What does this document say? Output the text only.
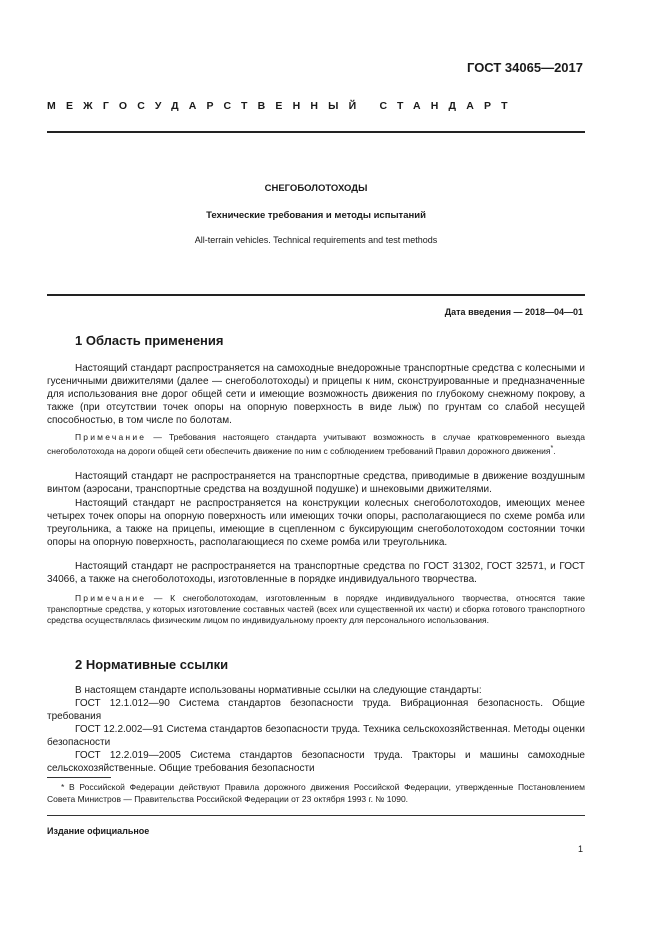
ГОСТ 34065—2017
МЕЖГОСУДАРСТВЕННЫЙ СТАНДАРТ
СНЕГОБОЛОТОХОДЫ
Технические требования и методы испытаний
All-terrain vehicles. Technical requirements and test methods
Дата введения — 2018—04—01
1 Область применения

Настоящий стандарт распространяется на самоходные внедорожные транспортные средства с колесными и гусеничными движителями (далее — снегоболотоходы) и прицепы к ним, сконструированные и предназначенные для использования вне дорог общей сети и имеющие возможность движения по глубокому снежному покрову, а также (при отсутствии точек опоры на опорную поверхность в виде лыж) по грунтам со слабой несущей способностью, в том числе по болотам.

Примечание — Требования настоящего стандарта учитывают возможность в случае кратковременного выезда снегоболотохода на дороги общей сети обеспечить движение по ним с соблюдением требований Правил дорожного движения*.

Настоящий стандарт не распространяется на транспортные средства, приводимые в движение воздушным винтом (аэросани, транспортные средства на воздушной подушке) и шнековыми движителями.

Настоящий стандарт не распространяется на конструкции колесных снегоболотоходов, имеющих менее четырех точек опоры на опорную поверхность или имеющих точки опоры, располагающиеся по схеме ромба или треугольника, а также на прицепы, имеющие в сцепленном с буксирующим снегоболотоходом состоянии точки опоры на опорную поверхность, располагающиеся по схеме ромба или треугольника.

Настоящий стандарт не распространяется на транспортные средства по ГОСТ 31302, ГОСТ 32571, и ГОСТ 34066, а также на снегоболотоходы, изготовленные в порядке индивидуального творчества.

Примечание — К снегоболотоходам, изготовленным в порядке индивидуального творчества, относятся такие транспортные средства, у которых изготовление составных частей (всех или существенной их части) и сборка готового транспортного средства осуществлялась физическим лицом по индивидуальному проекту для персонального использования.

2 Нормативные ссылки

В настоящем стандарте использованы нормативные ссылки на следующие стандарты:

ГОСТ 12.1.012—90 Система стандартов безопасности труда. Вибрационная безопасность. Общие требования

ГОСТ 12.2.002—91 Система стандартов безопасности труда. Техника сельскохозяйственная. Методы оценки безопасности

ГОСТ 12.2.019—2005 Система стандартов безопасности труда. Тракторы и машины самоходные сельскохозяйственные. Общие требования безопасности

* В Российской Федерации действуют Правила дорожного движения Российской Федерации, утвержденные Постановлением Совета Министров — Правительства Российской Федерации от 23 октября 1993 г. № 1090.

Издание официальное
1
